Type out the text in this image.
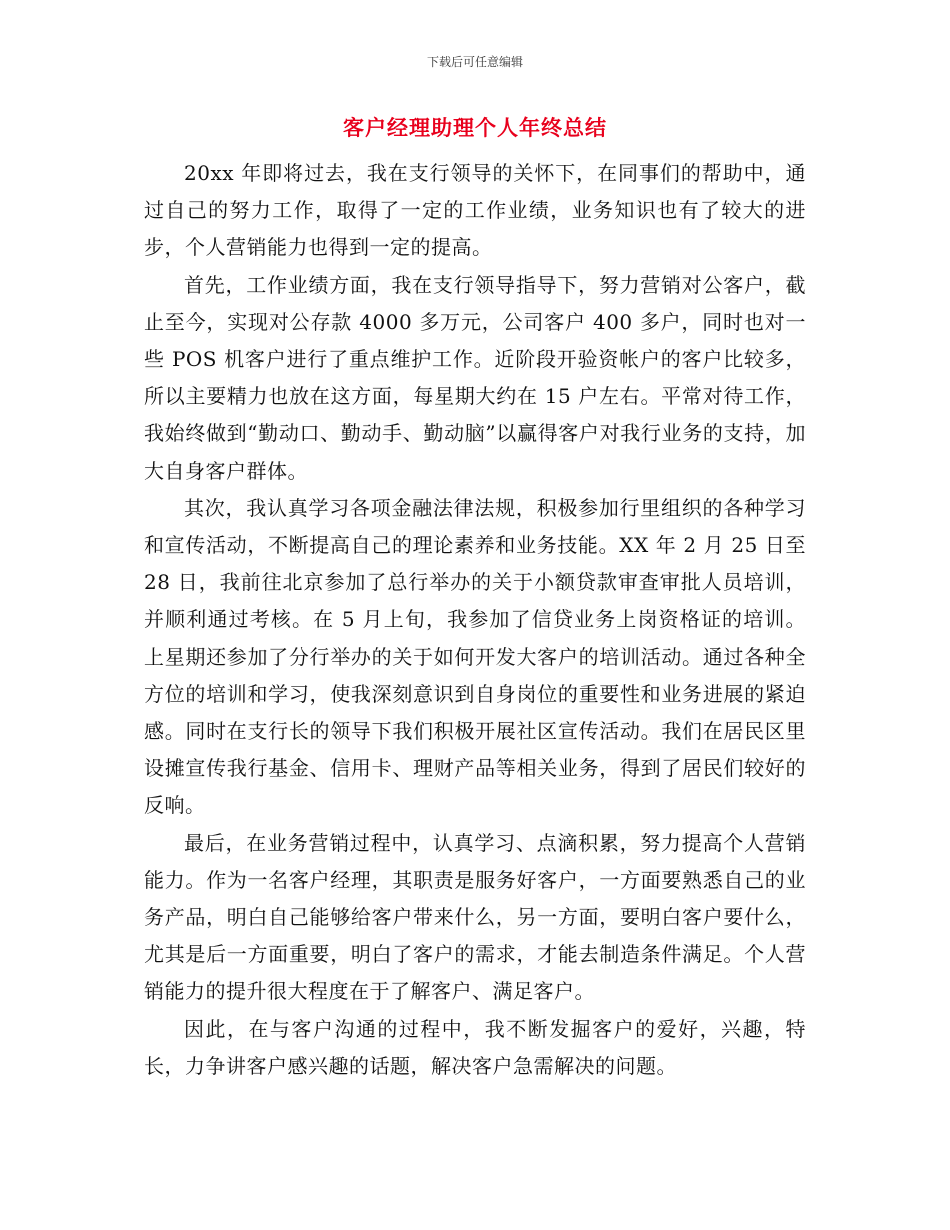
下载后可任意编辑
客户经理助理个人年终总结

20xx 年即将过去，我在支行领导的关怀下，在同事们的帮助中，通过自己的努力工作，取得了一定的工作业绩，业务知识也有了较大的进步，个人营销能力也得到一定的提高。

首先，工作业绩方面，我在支行领导指导下，努力营销对公客户，截止至今，实现对公存款 4000 多万元，公司客户 400 多户，同时也对一些 POS 机客户进行了重点维护工作。近阶段开验资帐户的客户比较多，所以主要精力也放在这方面，每星期大约在 15 户左右。平常对待工作，我始终做到“勤动口、勤动手、勤动脑”以赢得客户对我行业务的支持，加大自身客户群体。

其次，我认真学习各项金融法律法规，积极参加行里组织的各种学习和宣传活动，不断提高自己的理论素养和业务技能。XX 年 2 月 25 日至 28 日，我前往北京参加了总行举办的关于小额贷款审查审批人员培训，并顺利通过考核。在 5 月上旬，我参加了信贷业务上岗资格证的培训。上星期还参加了分行举办的关于如何开发大客户的培训活动。通过各种全方位的培训和学习，使我深刻意识到自身岗位的重要性和业务进展的紧迫感。同时在支行长的领导下我们积极开展社区宣传活动。我们在居民区里设摊宣传我行基金、信用卡、理财产品等相关业务，得到了居民们较好的反响。

最后，在业务营销过程中，认真学习、点滴积累，努力提高个人营销能力。作为一名客户经理，其职责是服务好客户，一方面要熟悉自己的业务产品，明白自己能够给客户带来什么，另一方面，要明白客户要什么，尤其是后一方面重要，明白了客户的需求，才能去制造条件满足。个人营销能力的提升很大程度在于了解客户、满足客户。

因此，在与客户沟通的过程中，我不断发掘客户的爱好，兴趣，特长，力争讲客户感兴趣的话题，解决客户急需解决的问题。
